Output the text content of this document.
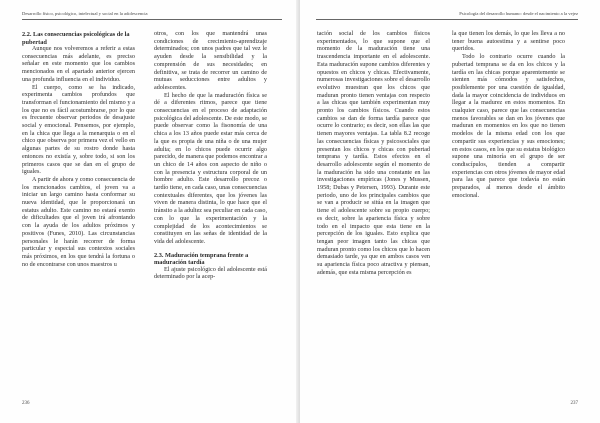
Desarrollo físico, psicológico, intelectual y social en la adolescencia
2.2. Las consecuencias psicológicas de la pubertad

Aunque nos volveremos a referir a estas consecuencias más adelante, es preciso señalar en este momento que los cambios mencionados en el apartado anterior ejercen una profunda influencia en el individuo.

El cuerpo, como se ha indicado, experimenta cambios profundos que transforman el funcionamiento del mismo y a los que no es fácil acostumbrarse, por lo que es frecuente observar periodos de desajuste social y emocional. Pensemos, por ejemplo, en la chica que llega a la menarquia o en el chico que observa por primera vez el vello en algunas partes de su rostro donde hasta entonces no existía y, sobre todo, si son los primeros casos que se dan en el grupo de iguales.

A partir de ahora y como consecuencia de los mencionados cambios, el joven va a iniciar un largo camino hasta conformar su nueva identidad, que le proporcionará un estatus adulto. Este camino no estará exento de dificultades que el joven irá afrontando con la ayuda de los adultos próximos y positivos (Funes, 2010). Las circunstancias personales le harán recorrer de forma particular y especial sus contextos sociales más próximos, en los que tendrá la fortuna o no de encontrarse con unos maestros u

otros, con los que mantendrá unas condiciones de crecimiento-aprendizaje determinados; con unos padres que tal vez le ayuden desde la sensibilidad y la comprensión de sus necesidades; en definitiva, se trata de recorrer un camino de mutuas seducciones entre adultos y adolescentes.

El hecho de que la maduración física se dé a diferentes ritmos, parece que tiene consecuencias en el proceso de adaptación psicológica del adolescente. De este modo, se puede observar como la fisonomía de una chica a los 13 años puede estar más cerca de la que es propia de una niña o de una mujer adulta; en lo chicos puede ocurrir algo parecido, de manera que podemos encontrar a un chico de 14 años con aspecto de niño o con la presencia y estructura corporal de un hombre adulto. Este desarrollo precoz o tardío tiene, en cada caso, unas consecuencias contextuales diferentes, que los jóvenes las viven de manera distinta, lo que hace que el tránsito a la adultez sea peculiar en cada caso, con lo que la experimentación y la complejidad de los acontecimientos se constituyen en las señas de identidad de la vida del adolescente.

2.3. Maduración temprana frente a maduración tardía

El ajuste psicológico del adolescente está determinado por la acep-

236
Psicología del desarrollo humano: desde el nacimiento a la vejez

tación social de los cambios físicos experimentados, lo que supone que el momento de la maduración tiene una trascendencia importante en el adolescente. Esta maduración supone cambios diferentes y opuestos en chicos y chicas. Efectivamente, numerosas investigaciones sobre el desarrollo evolutivo muestran que los chicos que maduran pronto tienen ventajas con respecto a las chicas que también experimentan muy pronto los cambios físicos. Cuando estos cambios se dan de forma tardía parece que ocurre lo contrario; es decir, son ellas las que tienen mayores ventajas. La tabla 8.2 recoge las consecuencias físicas y psicosociales que presentan los chicos y chicas con pubertad temprana y tardía. Estos efectos en el desarrollo adolescente según el momento de la maduración ha sido una constante en las investigaciones empíricas (Jones y Mussen, 1958; Dubas y Petersen, 1993). Durante este periodo, uno de los principales cambios que se van a producir se sitúa en la imagen que tiene el adolescente sobre su propio cuerpo; es decir, sobre la apariencia física y sobre todo en el impacto que esta tiene en la percepción de los iguales. Esto explica que tengan peor imagen tanto las chicas que maduran pronto como los chicos que lo hacen demasiado tarde, ya que en ambos casos ven su apariencia física poco atractiva y piensan, además, que esta misma percepción es

la que tienen los demás, lo que les lleva a no tener buena autoestima y a sentirse poco queridos.

Todo lo contrario ocurre cuando la pubertad temprana se da en los chicos y la tardía en las chicas porque aparentemente se sienten más cómodos y satisfechos, posiblemente por una cuestión de igualdad, dada la mayor coincidencia de individuos en llegar a la madurez en estos momentos. En cualquier caso, parece que las consecuencias menos favorables se dan en los jóvenes que maduran en momentos en los que no tienen modelos de la misma edad con los que compartir sus experiencias y sus emociones; en estos casos, en los que su estatus biológico supone una minoría en el grupo de ser condiscípulos, tienden a compartir experiencias con otros jóvenes de mayor edad para las que parece que todavía no están preparados, al menos desde el ámbito emocional.

237
